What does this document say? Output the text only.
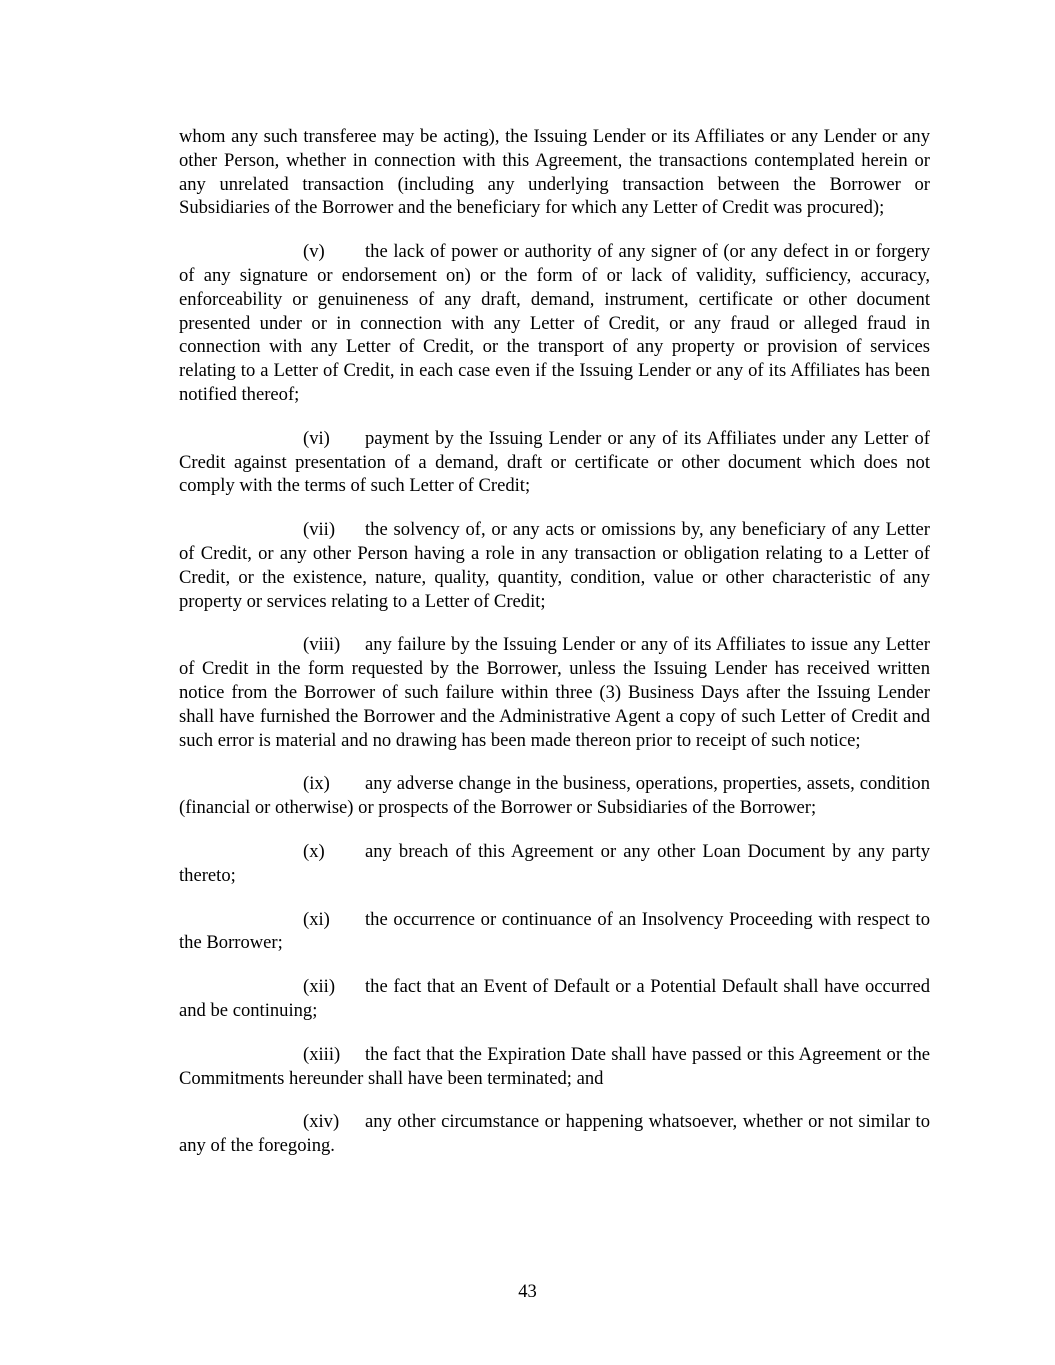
whom any such transferee may be acting), the Issuing Lender or its Affiliates or any Lender or any other Person, whether in connection with this Agreement, the transactions contemplated herein or any unrelated transaction (including any underlying transaction between the Borrower or Subsidiaries of the Borrower and the beneficiary for which any Letter of Credit was procured);

(v) the lack of power or authority of any signer of (or any defect in or forgery of any signature or endorsement on) or the form of or lack of validity, sufficiency, accuracy, enforceability or genuineness of any draft, demand, instrument, certificate or other document presented under or in connection with any Letter of Credit, or any fraud or alleged fraud in connection with any Letter of Credit, or the transport of any property or provision of services relating to a Letter of Credit, in each case even if the Issuing Lender or any of its Affiliates has been notified thereof;

(vi) payment by the Issuing Lender or any of its Affiliates under any Letter of Credit against presentation of a demand, draft or certificate or other document which does not comply with the terms of such Letter of Credit;

(vii) the solvency of, or any acts or omissions by, any beneficiary of any Letter of Credit, or any other Person having a role in any transaction or obligation relating to a Letter of Credit, or the existence, nature, quality, quantity, condition, value or other characteristic of any property or services relating to a Letter of Credit;

(viii) any failure by the Issuing Lender or any of its Affiliates to issue any Letter of Credit in the form requested by the Borrower, unless the Issuing Lender has received written notice from the Borrower of such failure within three (3) Business Days after the Issuing Lender shall have furnished the Borrower and the Administrative Agent a copy of such Letter of Credit and such error is material and no drawing has been made thereon prior to receipt of such notice;

(ix) any adverse change in the business, operations, properties, assets, condition (financial or otherwise) or prospects of the Borrower or Subsidiaries of the Borrower;

(x) any breach of this Agreement or any other Loan Document by any party thereto;

(xi) the occurrence or continuance of an Insolvency Proceeding with respect to the Borrower;

(xii) the fact that an Event of Default or a Potential Default shall have occurred and be continuing;

(xiii) the fact that the Expiration Date shall have passed or this Agreement or the Commitments hereunder shall have been terminated; and

(xiv) any other circumstance or happening whatsoever, whether or not similar to any of the foregoing.

43
